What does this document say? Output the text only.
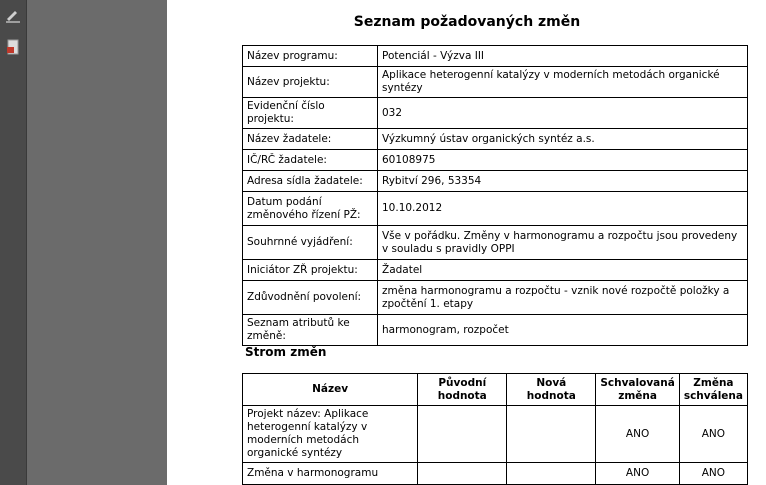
Seznam požadovaných změn
Název programu:	Potenciál - Výzva III
Název projektu:	Aplikace heterogenní katalýzy v moderních metodách organické syntézy
Evidenční číslo projektu:	032
Název žadatele:	Výzkumný ústav organických syntéz a.s.
IČ/RČ žadatele:	60108975
Adresa sídla žadatele:	Rybitví 296, 53354
Datum podání změnového řízení PŽ:	10.10.2012
Souhrnné vyjádření:	Vše v pořádku. Změny v harmonogramu a rozpočtu jsou provedeny v souladu s pravidly OPPI
Iniciátor ZŘ projektu:	Žadatel
Zdůvodnění povolení:	změna harmonogramu a rozpočtu - vznik nové rozpočtě položky a zpočtění 1. etapy
Seznam atributů ke změně:	harmonogram, rozpočet
Strom změn
Název	Původní hodnota	Nová hodnota	Schvalovaná změna	Změna schválena
Projekt název: Aplikace heterogenní katalýzy v moderních metodách organické syntézy			ANO	ANO
Změna v harmonogramu			ANO	ANO
